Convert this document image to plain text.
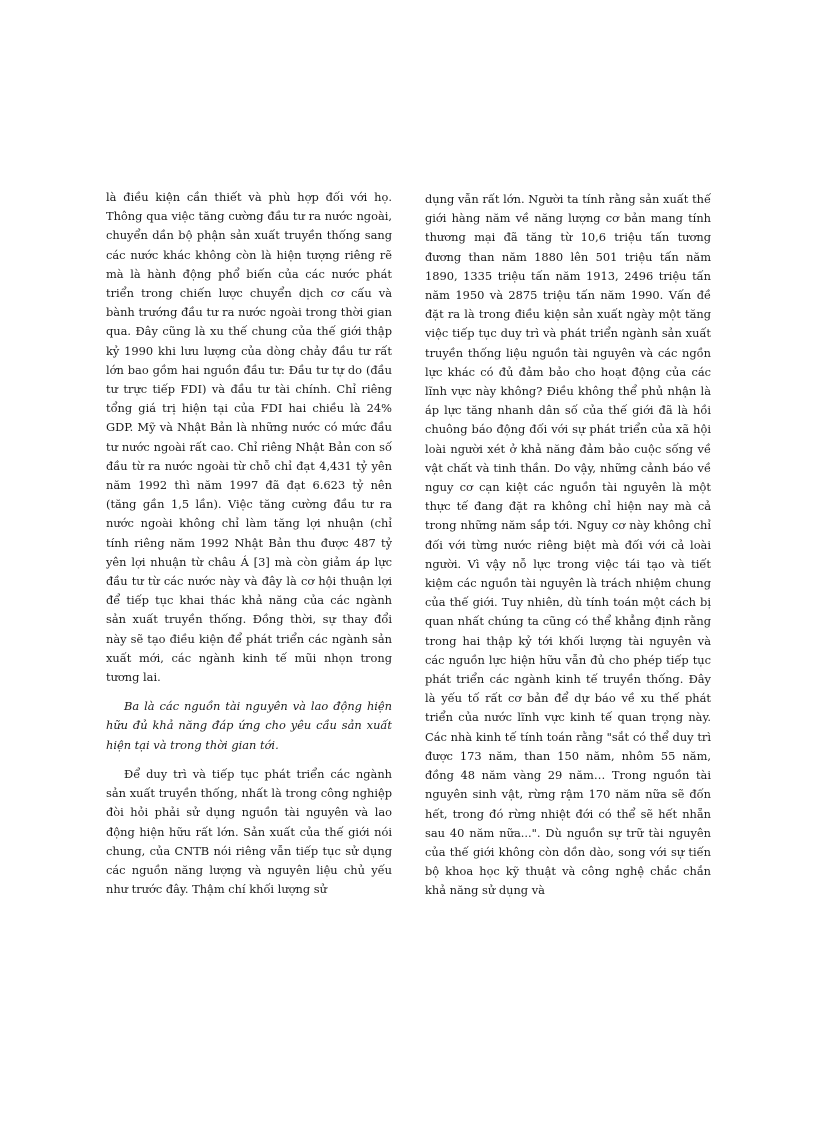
là điều kiện cần thiết và phù hợp đối với họ. Thông qua việc tăng cường đầu tư ra nước ngoài, chuyển dần bộ phận sản xuất truyền thống sang các nước khác không còn là hiện tượng riêng rẽ mà là hành động phổ biến của các nước phát triển trong chiến lược chuyển dịch cơ cấu và bành trướng đầu tư ra nước ngoài trong thời gian qua. Đây cũng là xu thế chung của thế giới thập kỷ 1990 khi lưu lượng của dòng chảy đầu tư rất lớn bao gồm hai nguồn đầu tư: Đầu tư tự do (đầu tư trực tiếp FDI) và đầu tư tài chính. Chỉ riêng tổng giá trị hiện tại của FDI hai chiều là 24% GDP. Mỹ và Nhật Bản là những nước có mức đầu tư nước ngoài rất cao. Chỉ riêng Nhật Bản con số đầu từ ra nước ngoài từ chỗ chỉ đạt 4,431 tỷ yên năm 1992 thì năm 1997 đã đạt 6.623 tỷ nên (tăng gần 1,5 lần). Việc tăng cường đầu tư ra nước ngoài không chỉ làm tăng lợi nhuận (chỉ tính riêng năm 1992 Nhật Bản thu được 487 tỷ yên lợi nhuận từ châu Á [3] mà còn giảm áp lực đầu tư từ các nước này và đây là cơ hội thuận lợi để tiếp tục khai thác khả năng của các ngành sản xuất truyền thống. Đồng thời, sự thay đổi này sẽ tạo điều kiện để phát triển các ngành sản xuất mới, các ngành kinh tế mũi nhọn trong tương lai.

Ba là các nguồn tài nguyên và lao động hiện hữu đủ khả năng đáp ứng cho yêu cầu sản xuất hiện tại và trong thời gian tới.

Để duy trì và tiếp tục phát triển các ngành sản xuất truyền thống, nhất là trong công nghiệp đòi hỏi phải sử dụng nguồn tài nguyên và lao động hiện hữu rất lớn. Sản xuất của thế giới nói chung, của CNTB nói riêng vẫn tiếp tục sử dụng các nguồn năng lượng và nguyên liệu chủ yếu như trước đây. Thậm chí khối lượng sử

dụng vẫn rất lớn. Người ta tính rằng sản xuất thế giới hàng năm về năng lượng cơ bản mang tính thương mại đã tăng từ 10,6 triệu tấn tương đương than năm 1880 lên 501 triệu tấn năm 1890, 1335 triệu tấn năm 1913, 2496 triệu tấn năm 1950 và 2875 triệu tấn năm 1990. Vấn đề đặt ra là trong điều kiện sản xuất ngày một tăng việc tiếp tục duy trì và phát triển ngành sản xuất truyền thống liệu nguồn tài nguyên và các ngồn lực khác có đủ đảm bảo cho hoạt động của các lĩnh vực này không? Điều không thể phủ nhận là áp lực tăng nhanh dân số của thế giới đã là hồi chuông báo động đối với sự phát triển của xã hội loài người xét ở khả năng đảm bảo cuộc sống về vật chất và tinh thần. Do vậy, những cảnh báo về nguy cơ cạn kiệt các nguồn tài nguyên là một thực tế đang đặt ra không chỉ hiện nay mà cả trong những năm sắp tới. Nguy cơ này không chỉ đối với từng nước riêng biệt mà đối với cả loài người. Vì vậy nỗ lực trong việc tái tạo và tiết kiệm các nguồn tài nguyên là trách nhiệm chung của thế giới. Tuy nhiên, dù tính toán một cách bị quan nhất chúng ta cũng có thể khẳng định rằng trong hai thập kỷ tới khối lượng tài nguyên và các nguồn lực hiện hữu vẫn đủ cho phép tiếp tục phát triển các ngành kinh tế truyền thống. Đây là yếu tố rất cơ bản để dự báo về xu thế phát triển của nước lĩnh vực kinh tế quan trọng này. Các nhà kinh tế tính toán rằng "sắt có thể duy trì được 173 năm, than 150 năm, nhôm 55 năm, đồng 48 năm vàng 29 năm… Trong nguồn tài nguyên sinh vật, rừng rậm 170 năm nữa sẽ đốn hết, trong đó rừng nhiệt đới có thể sẽ hết nhẵn sau 40 năm nữa...". Dù nguồn sự trữ tài nguyên của thế giới không còn dồn dào, song với sự tiến bộ khoa học kỹ thuật và công nghệ chắc chắn khả năng sử dụng và
